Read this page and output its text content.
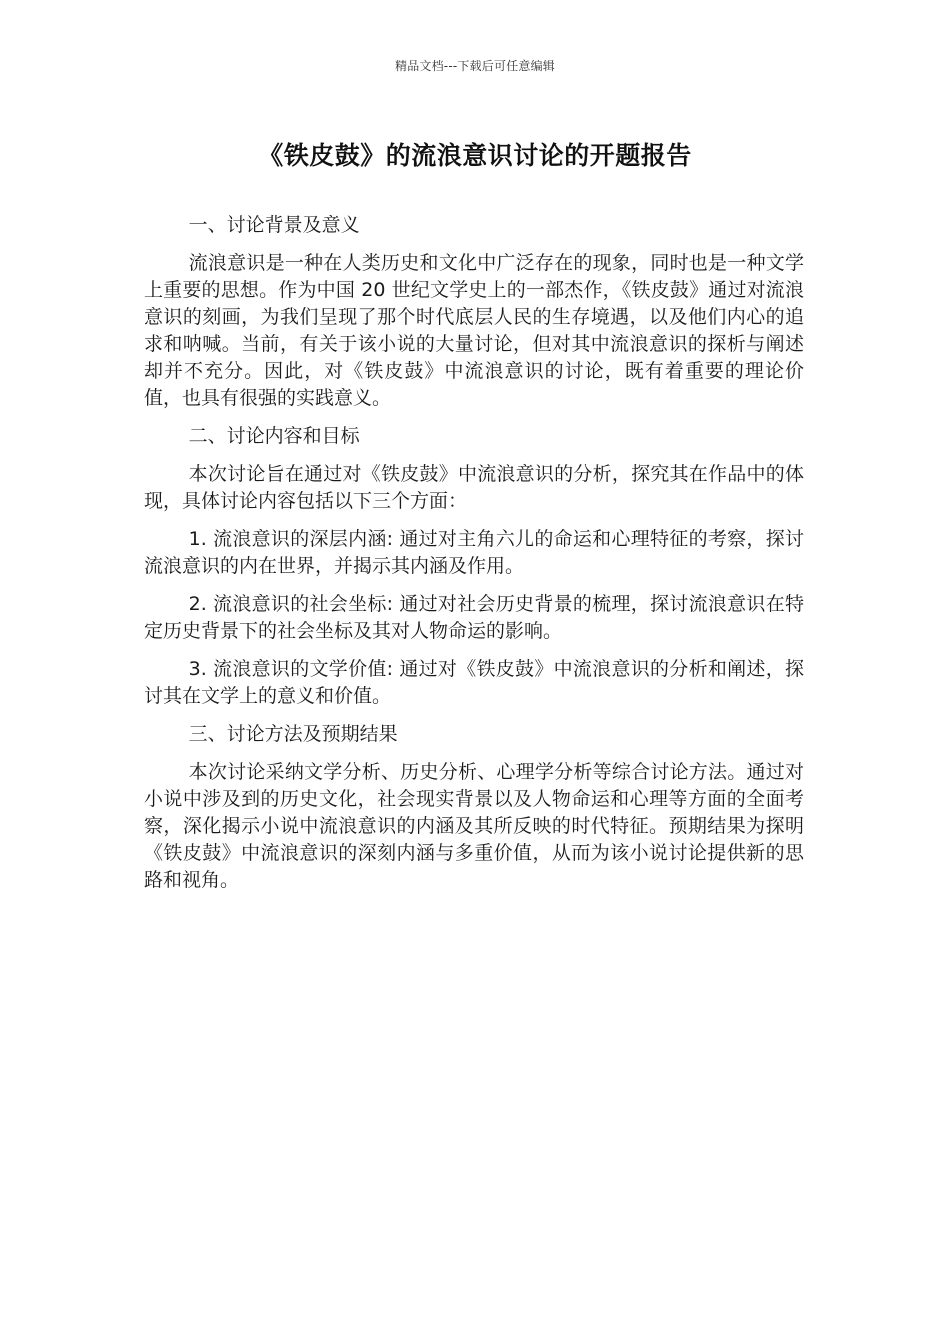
精品文档---下载后可任意编辑
《铁皮鼓》的流浪意识讨论的开题报告

一、讨论背景及意义

流浪意识是一种在人类历史和文化中广泛存在的现象，同时也是一种文学上重要的思想。作为中国 20 世纪文学史上的一部杰作，《铁皮鼓》通过对流浪意识的刻画，为我们呈现了那个时代底层人民的生存境遇，以及他们内心的追求和呐喊。当前，有关于该小说的大量讨论，但对其中流浪意识的探析与阐述却并不充分。因此，对《铁皮鼓》中流浪意识的讨论，既有着重要的理论价值，也具有很强的实践意义。

二、讨论内容和目标

本次讨论旨在通过对《铁皮鼓》中流浪意识的分析，探究其在作品中的体现，具体讨论内容包括以下三个方面：

1. 流浪意识的深层内涵: 通过对主角六儿的命运和心理特征的考察，探讨流浪意识的内在世界，并揭示其内涵及作用。

2. 流浪意识的社会坐标: 通过对社会历史背景的梳理，探讨流浪意识在特定历史背景下的社会坐标及其对人物命运的影响。

3. 流浪意识的文学价值: 通过对《铁皮鼓》中流浪意识的分析和阐述，探讨其在文学上的意义和价值。

三、讨论方法及预期结果

本次讨论采纳文学分析、历史分析、心理学分析等综合讨论方法。通过对小说中涉及到的历史文化，社会现实背景以及人物命运和心理等方面的全面考察，深化揭示小说中流浪意识的内涵及其所反映的时代特征。预期结果为探明《铁皮鼓》中流浪意识的深刻内涵与多重价值，从而为该小说讨论提供新的思路和视角。
